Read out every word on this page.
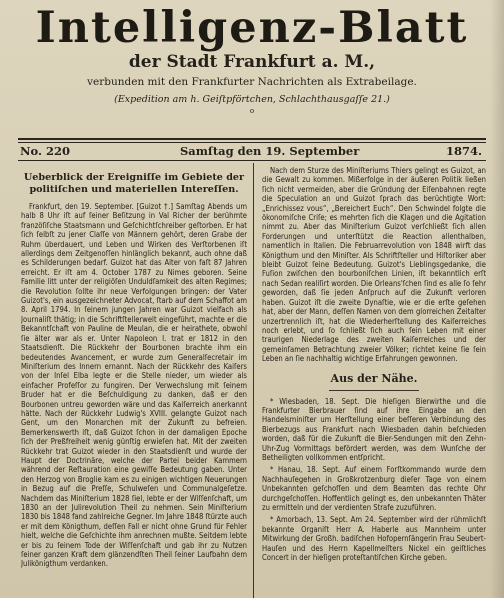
Intelligenz-Blatt
der Stadt Frankfurt a. M.,
verbunden mit den Frankfurter Nachrichten als Extrabeilage.
(Expedition am h. Geiſtpförtchen, Schlachthausgaſſe 21.)
o
No. 220	Samſtag den 19. September	1874.
Ueberblick der Ereigniſſe im Gebiete der politiſchen und materiellen Intereſſen.

Frankfurt, den 19. September. [Guizot †.] Samſtag Abends um halb 8 Uhr iſt auf ſeiner Beſitzung in Val Richer der berühmte franzöſiſche Staatsmann und Geſchichtſchreiber geſtorben. Er hat ſich ſelbſt zu jener Claſſe von Männern gehört, deren Grabe der Ruhm überdauert, und Leben und Wirken des Verſtorbenen iſt allerdings dem Zeitgenoſſen hinlänglich bekannt, auch ohne daß es Schilderungen bedarf. Guizot hat das Alter von faſt 87 Jahren erreicht. Er iſt am 4. October 1787 zu Nimes geboren. Seine Familie litt unter der religiöſen Unduldſamkeit des alten Regimes; die Revolution ſollte ihr neue Verfolgungen bringen: der Vater Guizot's, ein ausgezeichneter Advocat, ſtarb auf dem Schaffot am 8. April 1794. In ſeinem jungen Jahren war Guizot vielfach als Journaliſt thätig; in die Schriftſtellerwelt eingeführt, machte er die Bekanntſchaft von Pauline de Meulan, die er heirathete, obwohl ſie älter war als er. Unter Napoleon I. trat er 1812 in den Staatsdienſt. Die Rückkehr der Bourbonen brachte ihm ein bedeutendes Avancement, er wurde zum Generalſecretair im Miniſterium des Innern ernannt. Nach der Rückkehr des Kaiſers von der Inſel Elba legte er die Stelle nieder, um wieder als einfacher Profeſſor zu fungiren. Der Verwechslung mit ſeinem Bruder hat er die Beſchuldigung zu danken, daß er den Bourbonen untreu geworden wäre und das Kaiſerreich anerkannt hätte. Nach der Rückkehr Ludwig's XVIII. gelangte Guizot nach Gent, um den Monarchen mit der Zukunft zu befreien. Bemerkenswerth iſt, daß Guizot ſchon in der damaligen Epoche ſich der Preßfreiheit wenig günſtig erwieſen hat. Mit der zweiten Rückkehr trat Guizot wieder in den Staatsdienſt und wurde der Haupt der Doctrinäre, welche der Partei beider Kammern während der Reſtauration eine gewiſſe Bedeutung gaben. Unter den Herzog von Broglie kam es zu einigen wichtigen Neuerungen in Bezug auf die Preſſe, Schulweſen und Communalgeſetze. Nachdem das Miniſterium 1828 ſiel, lebte er der Wiſſenſchaft, um 1830 an der Julirevolution Theil zu nehmen. Sein Miniſterium 1830 bis 1848 fand zahlreiche Gegner. Im Jahre 1848 ſtürzte auch er mit dem Königthum, deſſen Fall er nicht ohne Grund für Fehler hielt, welche die Geſchichte ihm anrechnen mußte. Seitdem lebte er bis zu ſeinem Tode der Wiſſenſchaft und gab ihr zu Nutzen ſeiner ganzen Kraft dem glänzendſten Theil ſeiner Laufbahn dem Julikönigthum verdanken.

Nach dem Sturze des Miniſteriums Thiers gelingt es Guizot, an die Gewalt zu kommen. Mißerfolge in der äußeren Politik ließen ſich nicht vermeiden, aber die Gründung der Eiſenbahnen regte die Speculation an und Guizot ſprach das berüchtigte Wort: „Enrichissez vous“, „Bereichert Euch“. Den Schwindel folgte die ökonomiſche Criſe; es mehrten ſich die Klagen und die Agitation nimmt zu. Aber das Miniſterium Guizot verſchließt ſich allen Forderungen und unterſtützt die Reaction allenthalben, namentlich in Italien. Die Februarrevolution von 1848 wirft das Königthum und den Miniſter. Als Schriftſteller und Hiſtoriker aber bleibt Guizot ſeine Bedeutung. Guizot's Lieblingsgedanke, die Fuſion zwiſchen den bourboniſchen Linien, iſt bekanntlich erſt nach Sedan realiſirt worden. Die Orleans'ſchen ſind es alle ſo ſehr geworden, daß ſie jeden Anſpruch auf die Zukunft verloren haben. Guizot iſt die zweite Dynaſtie, wie er die erſte geſehen hat, aber der Mann, deſſen Namen von dem glorreichen Zeitalter unzertrennlich iſt, hat die Wiederherſtellung des Kaiſerreiches noch erlebt, und ſo ſchließt ſich auch ſein Leben mit einer traurigen Niederlage des zweiten Kaiſerreiches und der gemeinſamen Betrachtung zweier Völker; richtet keine ſie ſein Leben an ſie nachhaltig wichtige Erfahrungen gewonnen.

Aus der Nähe.

* Wiesbaden, 18. Sept. Die hieſigen Bierwirthe und die Frankfurter Bierbrauer ſind auf ihre Eingabe an den Handelsminiſter um Herſtellung einer beſſeren Verbindung des Bierbezugs aus Frankfurt nach Wiesbaden dahin beſchieden worden, daß für die Zukunft die Bier-Sendungen mit den Zehn-Uhr-Zug Vormittags befördert werden, was dem Wunſche der Betheiligten vollkommen entſpricht.

* Hanau, 18. Sept. Auf einem Forſtkommando wurde dem Nachhauſegehen in Großkrotzenburg dieſer Tage von einem Unbekannten geſchoſſen und dem Beamten das rechte Ohr durchgeſchoſſen. Hoffentlich gelingt es, den unbekannten Thäter zu ermitteln und der verdienten Strafe zuzuführen.

* Amorbach, 13. Sept. Am 24. September wird der rühmlichſt bekannte Organiſt Herr A. Haberle aus Mannheim unter Mitwirkung der Großh. badiſchen Hofopernſängerin Frau Seubert-Hauſen und des Herrn Kapellmeiſters Nickel ein geiſtliches Concert in der hieſigen proteſtantiſchen Kirche geben.
